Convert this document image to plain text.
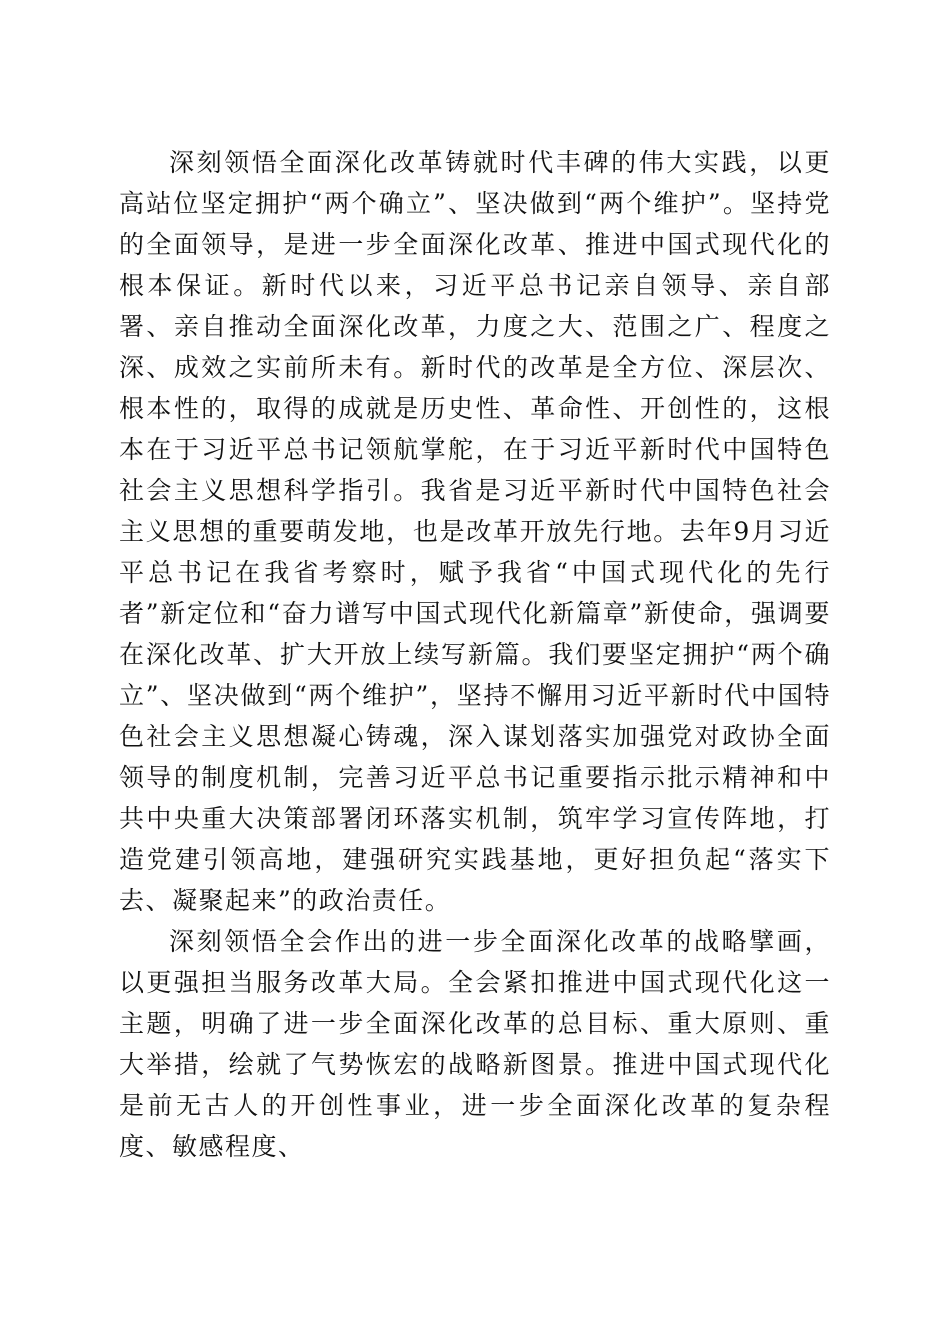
深刻领悟全面深化改革铸就时代丰碑的伟大实践，以更高站位坚定拥护“两个确立”、坚决做到“两个维护”。坚持党的全面领导，是进一步全面深化改革、推进中国式现代化的根本保证。新时代以来，习近平总书记亲自领导、亲自部署、亲自推动全面深化改革，力度之大、范围之广、程度之深、成效之实前所未有。新时代的改革是全方位、深层次、根本性的，取得的成就是历史性、革命性、开创性的，这根本在于习近平总书记领航掌舵，在于习近平新时代中国特色社会主义思想科学指引。我省是习近平新时代中国特色社会主义思想的重要萌发地，也是改革开放先行地。去年9月习近平总书记在我省考察时，赋予我省“中国式现代化的先行者”新定位和“奋力谱写中国式现代化新篇章”新使命，强调要在深化改革、扩大开放上续写新篇。我们要坚定拥护“两个确立”、坚决做到“两个维护”，坚持不懈用习近平新时代中国特色社会主义思想凝心铸魂，深入谋划落实加强党对政协全面领导的制度机制，完善习近平总书记重要指示批示精神和中共中央重大决策部署闭环落实机制，筑牢学习宣传阵地，打造党建引领高地，建强研究实践基地，更好担负起“落实下去、凝聚起来”的政治责任。

深刻领悟全会作出的进一步全面深化改革的战略擘画，以更强担当服务改革大局。全会紧扣推进中国式现代化这一主题，明确了进一步全面深化改革的总目标、重大原则、重大举措，绘就了气势恢宏的战略新图景。推进中国式现代化是前无古人的开创性事业，进一步全面深化改革的复杂程度、敏感程度、
